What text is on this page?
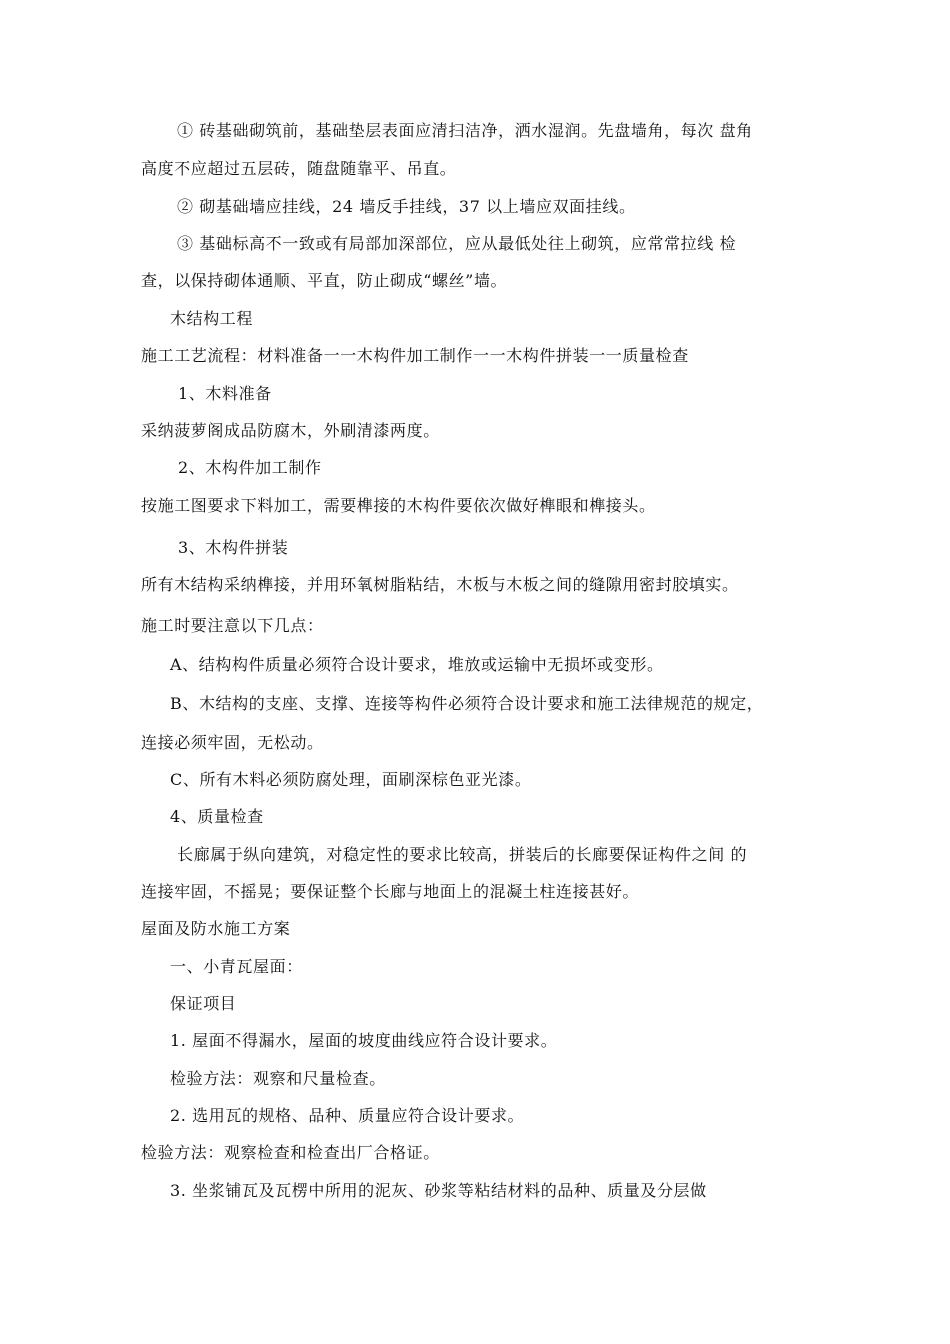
① 砖基础砌筑前，基础垫层表面应清扫洁净，洒水湿润。先盘墙角，每次 盘角
高度不应超过五层砖，随盘随靠平、吊直。
② 砌基础墙应挂线，24 墙反手挂线，37 以上墙应双面挂线。
③ 基础标高不一致或有局部加深部位，应从最低处往上砌筑，应常常拉线 检
查，以保持砌体通顺、平直，防止砌成“螺丝”墙。
木结构工程
施工工艺流程：材料准备一一木构件加工制作一一木构件拼装一一质量检查
1、木料准备
采纳菠萝阁成品防腐木，外刷清漆两度。
2、木构件加工制作
按施工图要求下料加工，需要榫接的木构件要依次做好榫眼和榫接头。
3、木构件拼装
所有木结构采纳榫接，并用环氧树脂粘结，木板与木板之间的缝隙用密封胶填实。
施工时要注意以下几点：
A、结构构件质量必须符合设计要求，堆放或运输中无损坏或变形。
B、木结构的支座、支撑、连接等构件必须符合设计要求和施工法律规范的规定，
连接必须牢固，无松动。
C、所有木料必须防腐处理，面刷深棕色亚光漆。
4、质量检查
长廊属于纵向建筑，对稳定性的要求比较高，拼装后的长廊要保证构件之间 的
连接牢固，不摇晃；要保证整个长廊与地面上的混凝土柱连接甚好。
屋面及防水施工方案
一、小青瓦屋面：
保证项目
1. 屋面不得漏水，屋面的坡度曲线应符合设计要求。
检验方法：观察和尺量检查。
2. 选用瓦的规格、品种、质量应符合设计要求。
检验方法：观察检查和检查出厂合格证。
3. 坐浆铺瓦及瓦楞中所用的泥灰、砂浆等粘结材料的品种、质量及分层做
